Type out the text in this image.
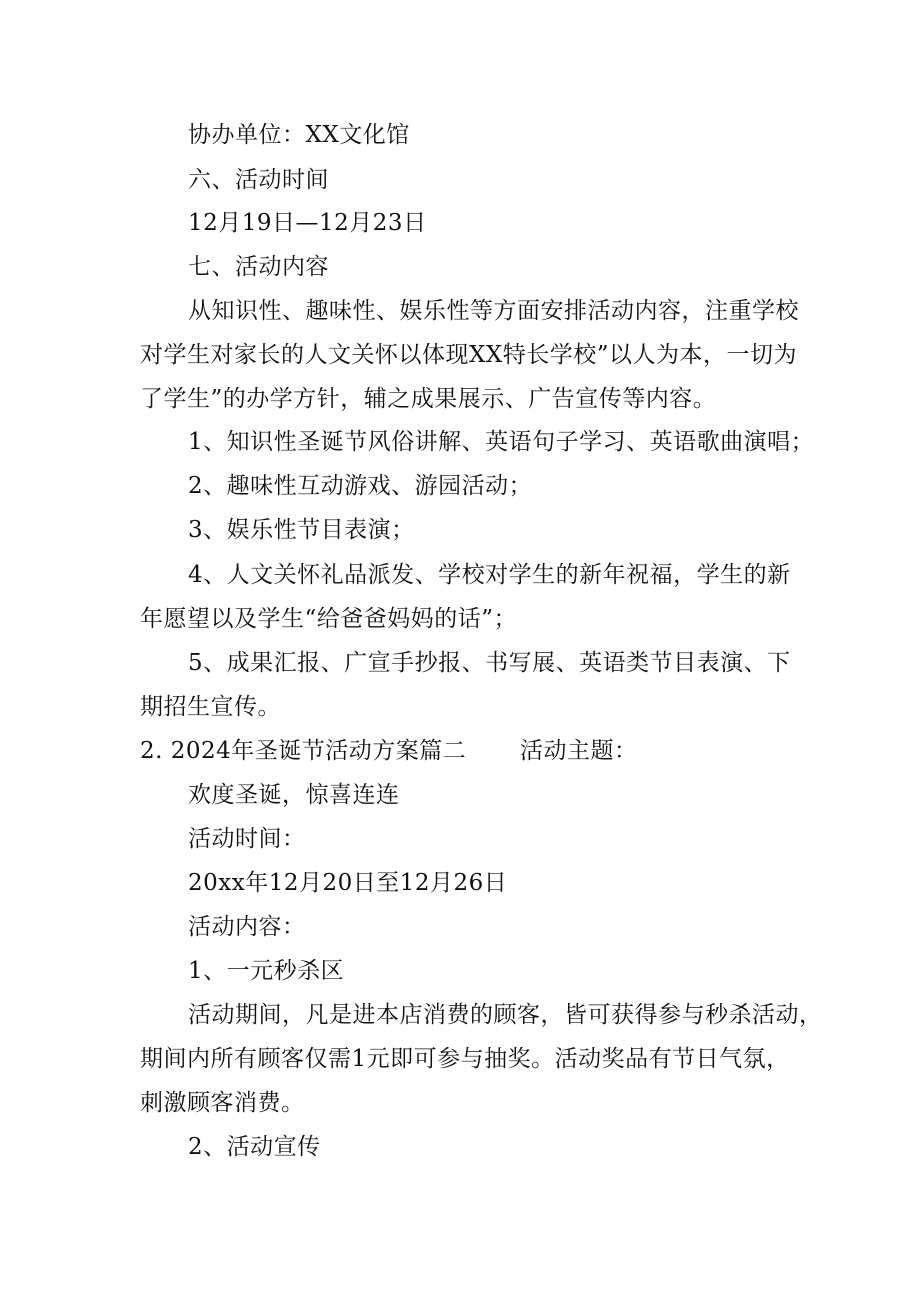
协办单位：XX文化馆
六、活动时间
12月19日—12月23日
七、活动内容
从知识性、趣味性、娱乐性等方面安排活动内容，注重学校
对学生对家长的人文关怀以体现XX特长学校”以人为本，一切为
了学生”的办学方针，辅之成果展示、广告宣传等内容。
1、知识性圣诞节风俗讲解、英语句子学习、英语歌曲演唱；
2、趣味性互动游戏、游园活动；
3、娱乐性节目表演；
4、人文关怀礼品派发、学校对学生的新年祝福，学生的新
年愿望以及学生“给爸爸妈妈的话”；
5、成果汇报、广宣手抄报、书写展、英语类节目表演、下
期招生宣传。
2. 2024年圣诞节活动方案篇二 活动主题：
欢度圣诞，惊喜连连
活动时间：
20xx年12月20日至12月26日
活动内容：
1、一元秒杀区
活动期间，凡是进本店消费的顾客，皆可获得参与秒杀活动，
期间内所有顾客仅需1元即可参与抽奖。活动奖品有节日气氛，
刺激顾客消费。
2、活动宣传
